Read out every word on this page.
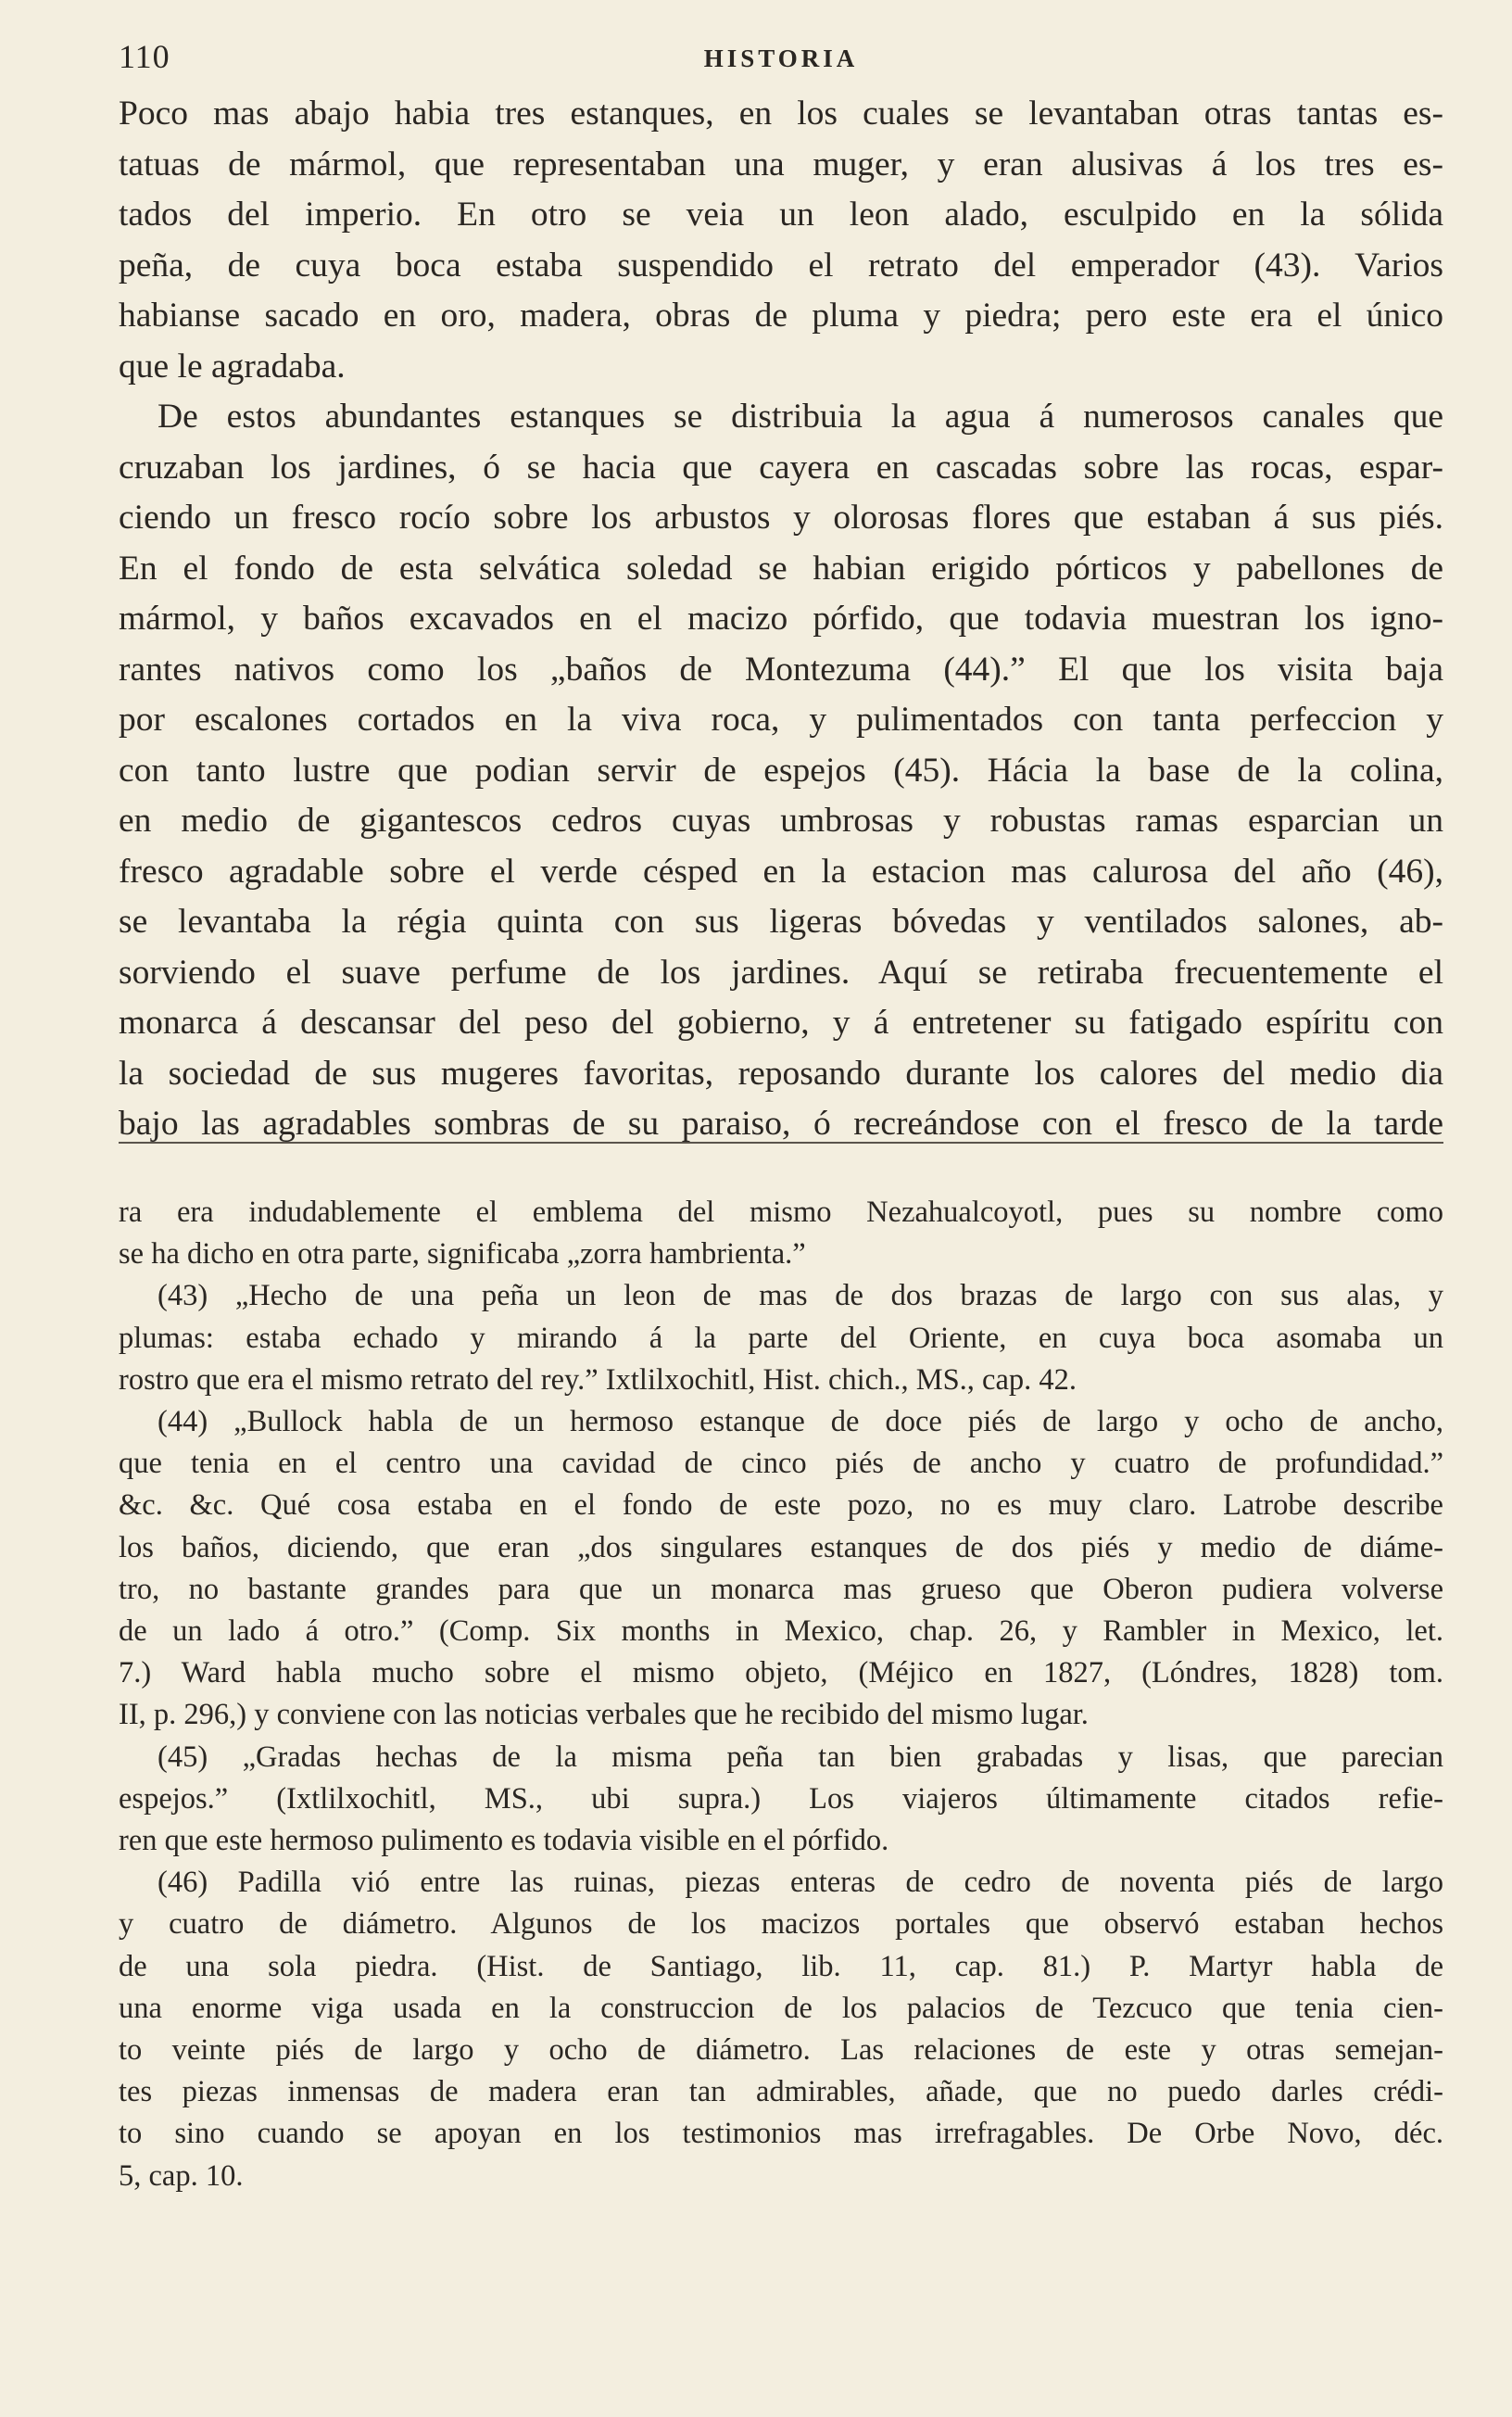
110	HISTORIA
Poco mas abajo habia tres estanques, en los cuales se levantaban otras tantas es-
tatuas de mármol, que representaban una muger, y eran alusivas á los tres es-
tados del imperio. En otro se veia un leon alado, esculpido en la sólida
peña, de cuya boca estaba suspendido el retrato del emperador (43). Varios
habianse sacado en oro, madera, obras de pluma y piedra; pero este era el único
que le agradaba.
De estos abundantes estanques se distribuia la agua á numerosos canales que
cruzaban los jardines, ó se hacia que cayera en cascadas sobre las rocas, espar-
ciendo un fresco rocío sobre los arbustos y olorosas flores que estaban á sus piés.
En el fondo de esta selvática soledad se habian erigido pórticos y pabellones de
mármol, y baños excavados en el macizo pórfido, que todavia muestran los igno-
rantes nativos como los „baños de Montezuma (44).” El que los visita baja
por escalones cortados en la viva roca, y pulimentados con tanta perfeccion y
con tanto lustre que podian servir de espejos (45). Hácia la base de la colina,
en medio de gigantescos cedros cuyas umbrosas y robustas ramas esparcian un
fresco agradable sobre el verde césped en la estacion mas calurosa del año (46),
se levantaba la régia quinta con sus ligeras bóvedas y ventilados salones, ab-
sorviendo el suave perfume de los jardines. Aquí se retiraba frecuentemente el
monarca á descansar del peso del gobierno, y á entretener su fatigado espíritu con
la sociedad de sus mugeres favoritas, reposando durante los calores del medio dia
bajo las agradables sombras de su paraiso, ó recreándose con el fresco de la tarde
ra era indudablemente el emblema del mismo Nezahualcoyotl, pues su nombre como
se ha dicho en otra parte, significaba „zorra hambrienta.”
(43) „Hecho de una peña un leon de mas de dos brazas de largo con sus alas, y
plumas: estaba echado y mirando á la parte del Oriente, en cuya boca asomaba un
rostro que era el mismo retrato del rey.” Ixtlilxochitl, Hist. chich., MS., cap. 42.
(44) „Bullock habla de un hermoso estanque de doce piés de largo y ocho de ancho,
que tenia en el centro una cavidad de cinco piés de ancho y cuatro de profundidad.”
&c. &c. Qué cosa estaba en el fondo de este pozo, no es muy claro. Latrobe describe
los baños, diciendo, que eran „dos singulares estanques de dos piés y medio de diáme-
tro, no bastante grandes para que un monarca mas grueso que Oberon pudiera volverse
de un lado á otro.” (Comp. Six months in Mexico, chap. 26, y Rambler in Mexico, let.
7.) Ward habla mucho sobre el mismo objeto, (Méjico en 1827, (Lóndres, 1828) tom.
II, p. 296,) y conviene con las noticias verbales que he recibido del mismo lugar.
(45) „Gradas hechas de la misma peña tan bien grabadas y lisas, que parecian
espejos.” (Ixtlilxochitl, MS., ubi supra.) Los viajeros últimamente citados refie-
ren que este hermoso pulimento es todavia visible en el pórfido.
(46) Padilla vió entre las ruinas, piezas enteras de cedro de noventa piés de largo
y cuatro de diámetro. Algunos de los macizos portales que observó estaban hechos
de una sola piedra. (Hist. de Santiago, lib. 11, cap. 81.) P. Martyr habla de
una enorme viga usada en la construccion de los palacios de Tezcuco que tenia cien-
to veinte piés de largo y ocho de diámetro. Las relaciones de este y otras semejan-
tes piezas inmensas de madera eran tan admirables, añade, que no puedo darles crédi-
to sino cuando se apoyan en los testimonios mas irrefragables. De Orbe Novo, déc.
5, cap. 10.
